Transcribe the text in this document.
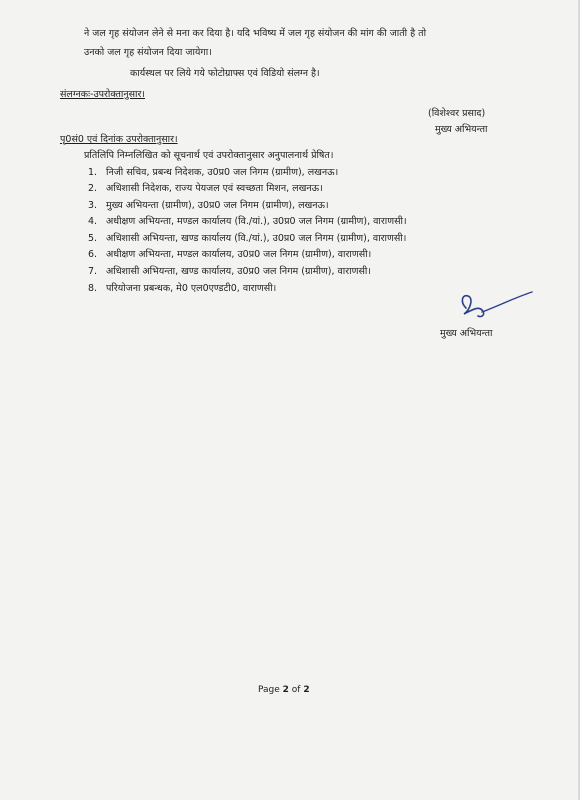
ने जल गृह संयोजन लेने से मना कर दिया है। यदि भविष्य में जल गृह संयोजन की मांग की जाती है तो
उनको जल गृह संयोजन दिया जायेगा।
कार्यस्थल पर लिये गये फोटोग्राफ्स एवं विडियो संलग्न है।
संलग्नकः-उपरोक्तानुसार।
(विशेश्वर प्रसाद)
मुख्य अभियन्ता
पृ0सं0 एवं दिनांक उपरोक्तानुसार।
प्रतिलिपि निम्नलिखित को सूचनार्थ एवं उपरोक्तानुसार अनुपालनार्थ प्रेषित।
1. निजी सचिव, प्रबन्ध निदेशक, उ0प्र0 जल निगम (ग्रामीण), लखनऊ।
2. अधिशासी निदेशक, राज्य पेयजल एवं स्वच्छता मिशन, लखनऊ।
3. मुख्य अभियन्ता (ग्रामीण), उ0प्र0 जल निगम (ग्रामीण), लखनऊ।
4. अधीक्षण अभियन्ता, मण्डल कार्यालय (वि./यां.), उ0प्र0 जल निगम (ग्रामीण), वाराणसी।
5. अधिशासी अभियन्ता, खण्ड कार्यालय (वि./यां.), उ0प्र0 जल निगम (ग्रामीण), वाराणसी।
6. अधीक्षण अभियन्ता, मण्डल कार्यालय, उ0प्र0 जल निगम (ग्रामीण), वाराणसी।
7. अधिशासी अभियन्ता, खण्ड कार्यालय, उ0प्र0 जल निगम (ग्रामीण), वाराणसी।
8. परियोजना प्रबन्धक, मे0 एल0एण्डटी0, वाराणसी।
मुख्य अभियन्ता
Page 2 of 2
